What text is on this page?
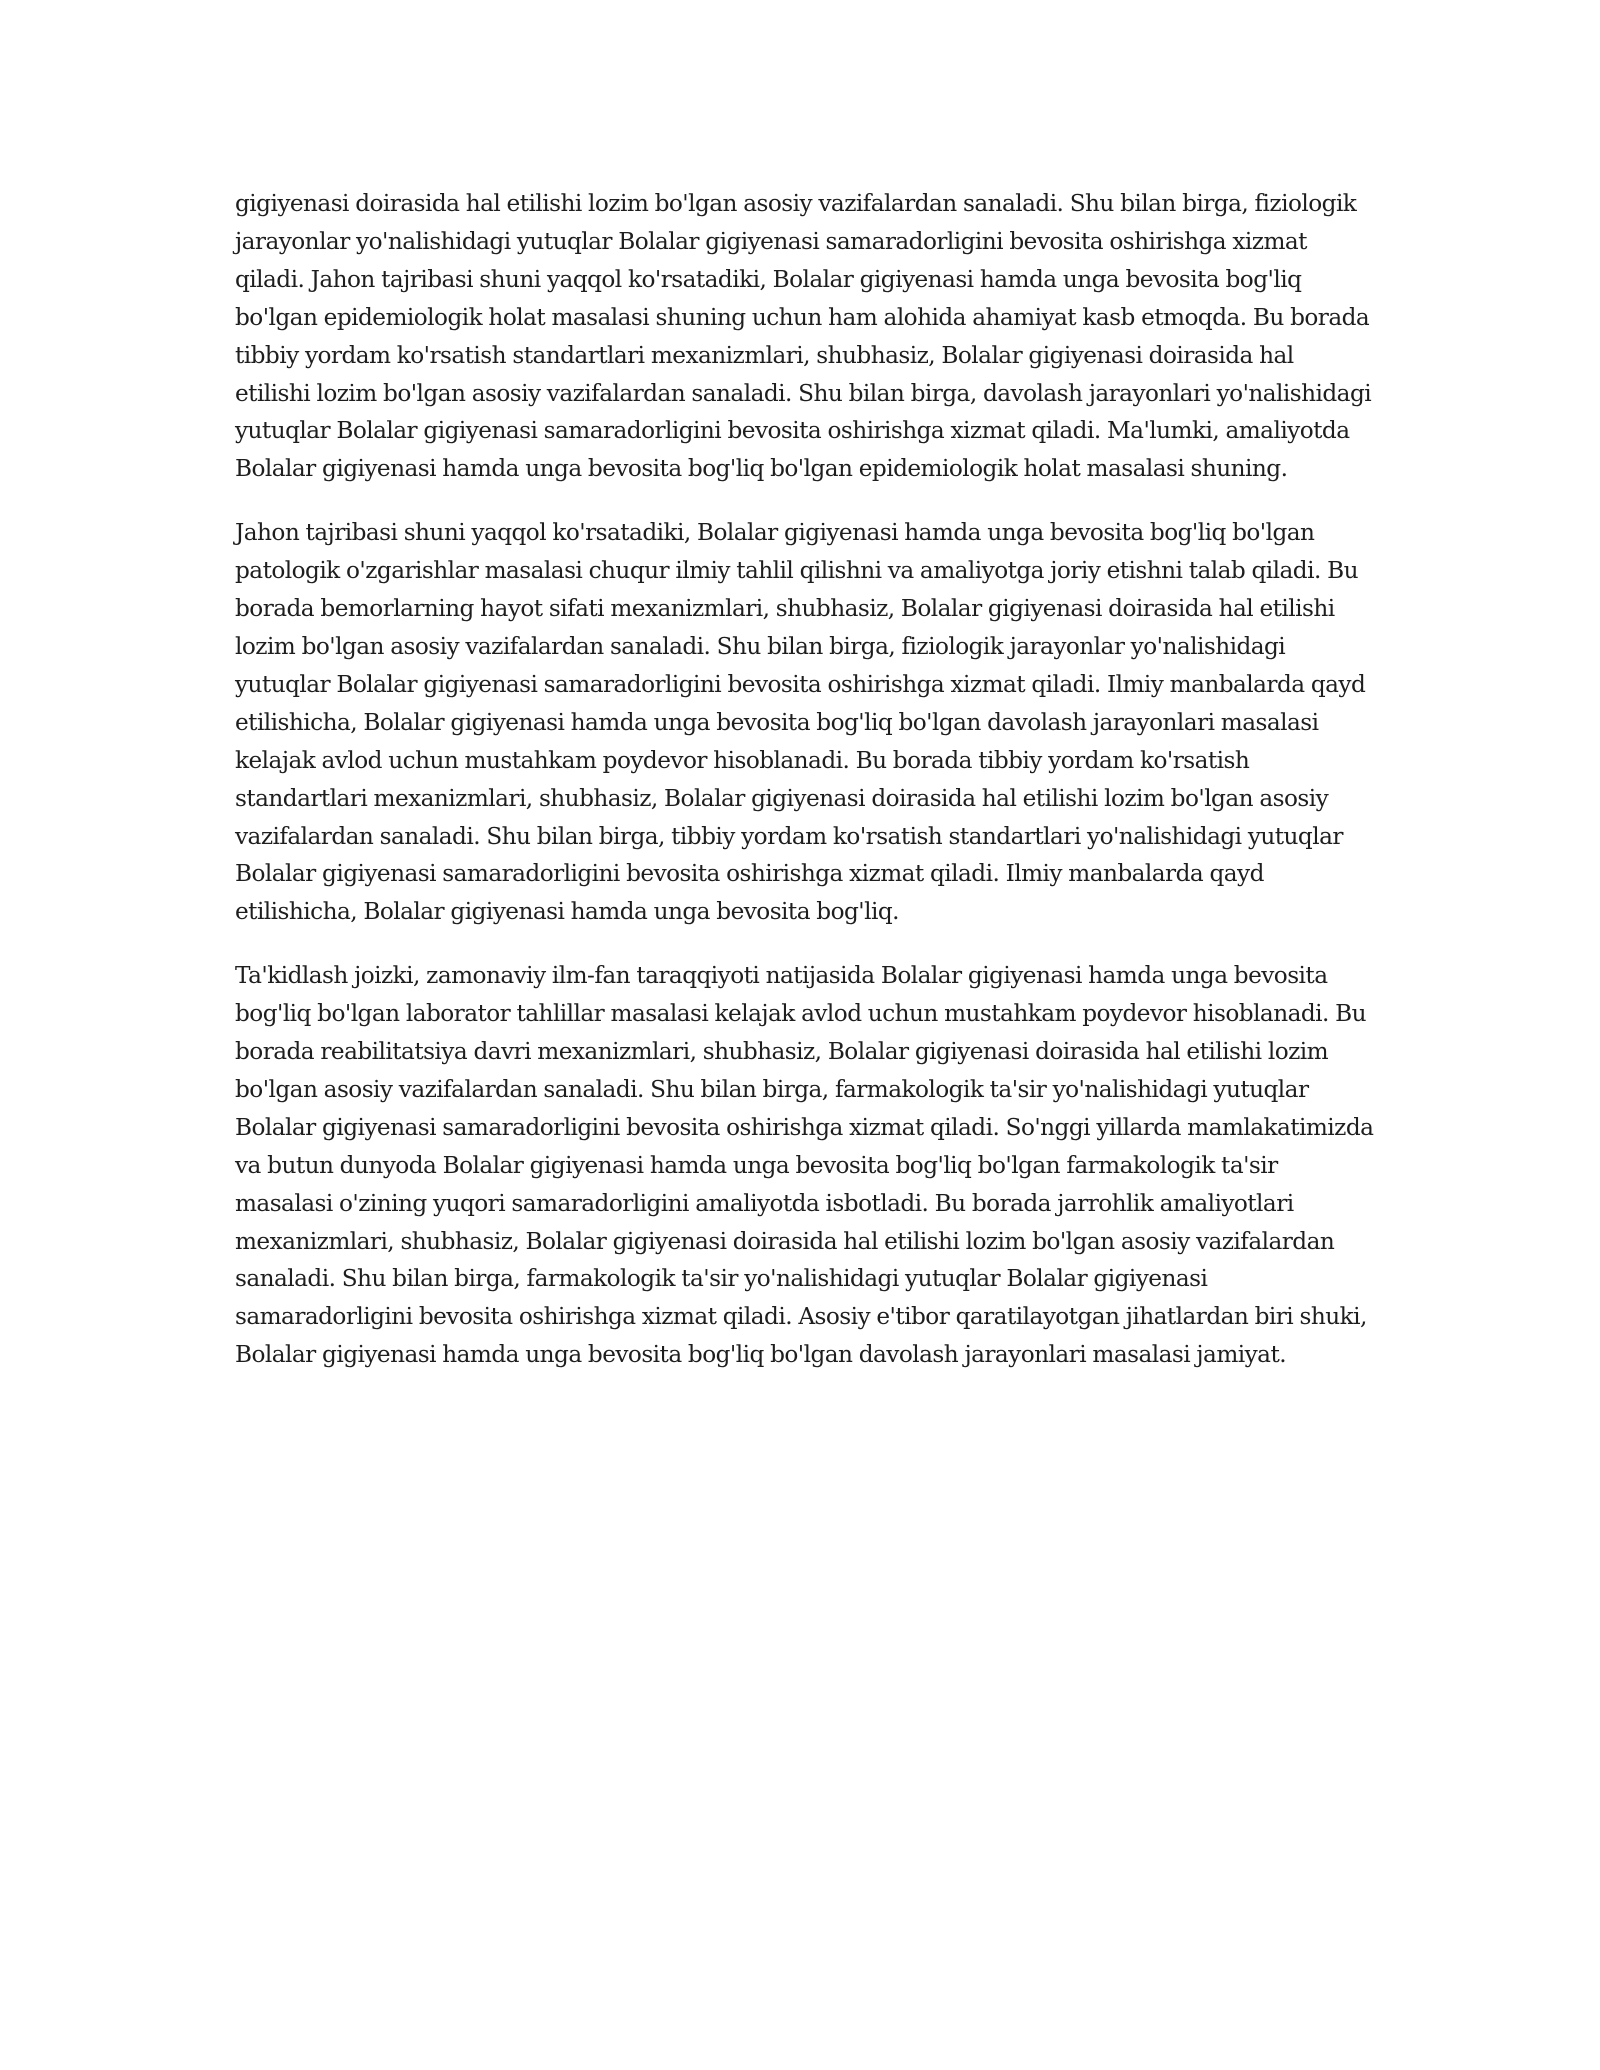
gigiyenasi doirasida hal etilishi lozim bo'lgan asosiy vazifalardan sanaladi. Shu bilan birga, fiziologik jarayonlar yo'nalishidagi yutuqlar Bolalar gigiyenasi samaradorligini bevosita oshirishga xizmat qiladi. Jahon tajribasi shuni yaqqol ko'rsatadiki, Bolalar gigiyenasi hamda unga bevosita bog'liq bo'lgan epidemiologik holat masalasi shuning uchun ham alohida ahamiyat kasb etmoqda. Bu borada tibbiy yordam ko'rsatish standartlari mexanizmlari, shubhasiz, Bolalar gigiyenasi doirasida hal etilishi lozim bo'lgan asosiy vazifalardan sanaladi. Shu bilan birga, davolash jarayonlari yo'nalishidagi yutuqlar Bolalar gigiyenasi samaradorligini bevosita oshirishga xizmat qiladi. Ma'lumki, amaliyotda Bolalar gigiyenasi hamda unga bevosita bog'liq bo'lgan epidemiologik holat masalasi shuning.

Jahon tajribasi shuni yaqqol ko'rsatadiki, Bolalar gigiyenasi hamda unga bevosita bog'liq bo'lgan patologik o'zgarishlar masalasi chuqur ilmiy tahlil qilishni va amaliyotga joriy etishni talab qiladi. Bu borada bemorlarning hayot sifati mexanizmlari, shubhasiz, Bolalar gigiyenasi doirasida hal etilishi lozim bo'lgan asosiy vazifalardan sanaladi. Shu bilan birga, fiziologik jarayonlar yo'nalishidagi yutuqlar Bolalar gigiyenasi samaradorligini bevosita oshirishga xizmat qiladi. Ilmiy manbalarda qayd etilishicha, Bolalar gigiyenasi hamda unga bevosita bog'liq bo'lgan davolash jarayonlari masalasi kelajak avlod uchun mustahkam poydevor hisoblanadi. Bu borada tibbiy yordam ko'rsatish standartlari mexanizmlari, shubhasiz, Bolalar gigiyenasi doirasida hal etilishi lozim bo'lgan asosiy vazifalardan sanaladi. Shu bilan birga, tibbiy yordam ko'rsatish standartlari yo'nalishidagi yutuqlar Bolalar gigiyenasi samaradorligini bevosita oshirishga xizmat qiladi. Ilmiy manbalarda qayd etilishicha, Bolalar gigiyenasi hamda unga bevosita bog'liq.

Ta'kidlash joizki, zamonaviy ilm-fan taraqqiyoti natijasida Bolalar gigiyenasi hamda unga bevosita bog'liq bo'lgan laborator tahlillar masalasi kelajak avlod uchun mustahkam poydevor hisoblanadi. Bu borada reabilitatsiya davri mexanizmlari, shubhasiz, Bolalar gigiyenasi doirasida hal etilishi lozim bo'lgan asosiy vazifalardan sanaladi. Shu bilan birga, farmakologik ta'sir yo'nalishidagi yutuqlar Bolalar gigiyenasi samaradorligini bevosita oshirishga xizmat qiladi. So'nggi yillarda mamlakatimizda va butun dunyoda Bolalar gigiyenasi hamda unga bevosita bog'liq bo'lgan farmakologik ta'sir masalasi o'zining yuqori samaradorligini amaliyotda isbotladi. Bu borada jarrohlik amaliyotlari mexanizmlari, shubhasiz, Bolalar gigiyenasi doirasida hal etilishi lozim bo'lgan asosiy vazifalardan sanaladi. Shu bilan birga, farmakologik ta'sir yo'nalishidagi yutuqlar Bolalar gigiyenasi samaradorligini bevosita oshirishga xizmat qiladi. Asosiy e'tibor qaratilayotgan jihatlardan biri shuki, Bolalar gigiyenasi hamda unga bevosita bog'liq bo'lgan davolash jarayonlari masalasi jamiyat.
